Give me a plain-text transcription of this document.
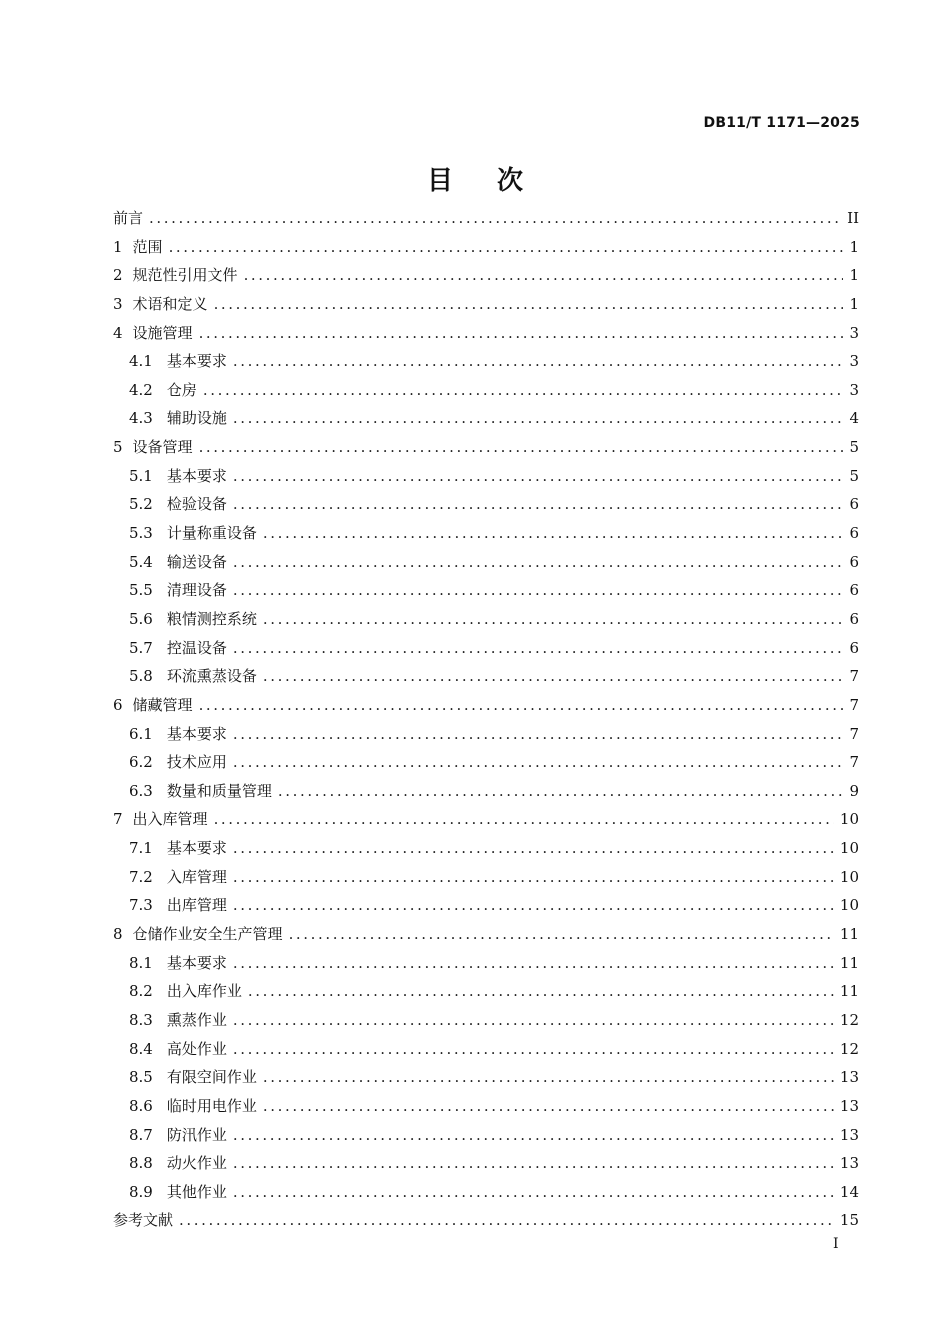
DB11/T 1171—2025
目 次
前言 .....	II
1 范围 .....	1
2 规范性引用文件 .....	1
3 术语和定义 .....	1
4 设施管理 .....	3
4.1 基本要求 .....	3
4.2 仓房 .....	3
4.3 辅助设施 .....	4
5 设备管理 .....	5
5.1 基本要求 .....	5
5.2 检验设备 .....	6
5.3 计量称重设备 .....	6
5.4 输送设备 .....	6
5.5 清理设备 .....	6
5.6 粮情测控系统 .....	6
5.7 控温设备 .....	6
5.8 环流熏蒸设备 .....	7
6 储藏管理 .....	7
6.1 基本要求 .....	7
6.2 技术应用 .....	7
6.3 数量和质量管理 .....	9
7 出入库管理 .....	10
7.1 基本要求 .....	10
7.2 入库管理 .....	10
7.3 出库管理 .....	10
8 仓储作业安全生产管理 .....	11
8.1 基本要求 .....	11
8.2 出入库作业 .....	11
8.3 熏蒸作业 .....	12
8.4 高处作业 .....	12
8.5 有限空间作业 .....	13
8.6 临时用电作业 .....	13
8.7 防汛作业 .....	13
8.8 动火作业 .....	13
8.9 其他作业 .....	14
参考文献 .....	15
I
